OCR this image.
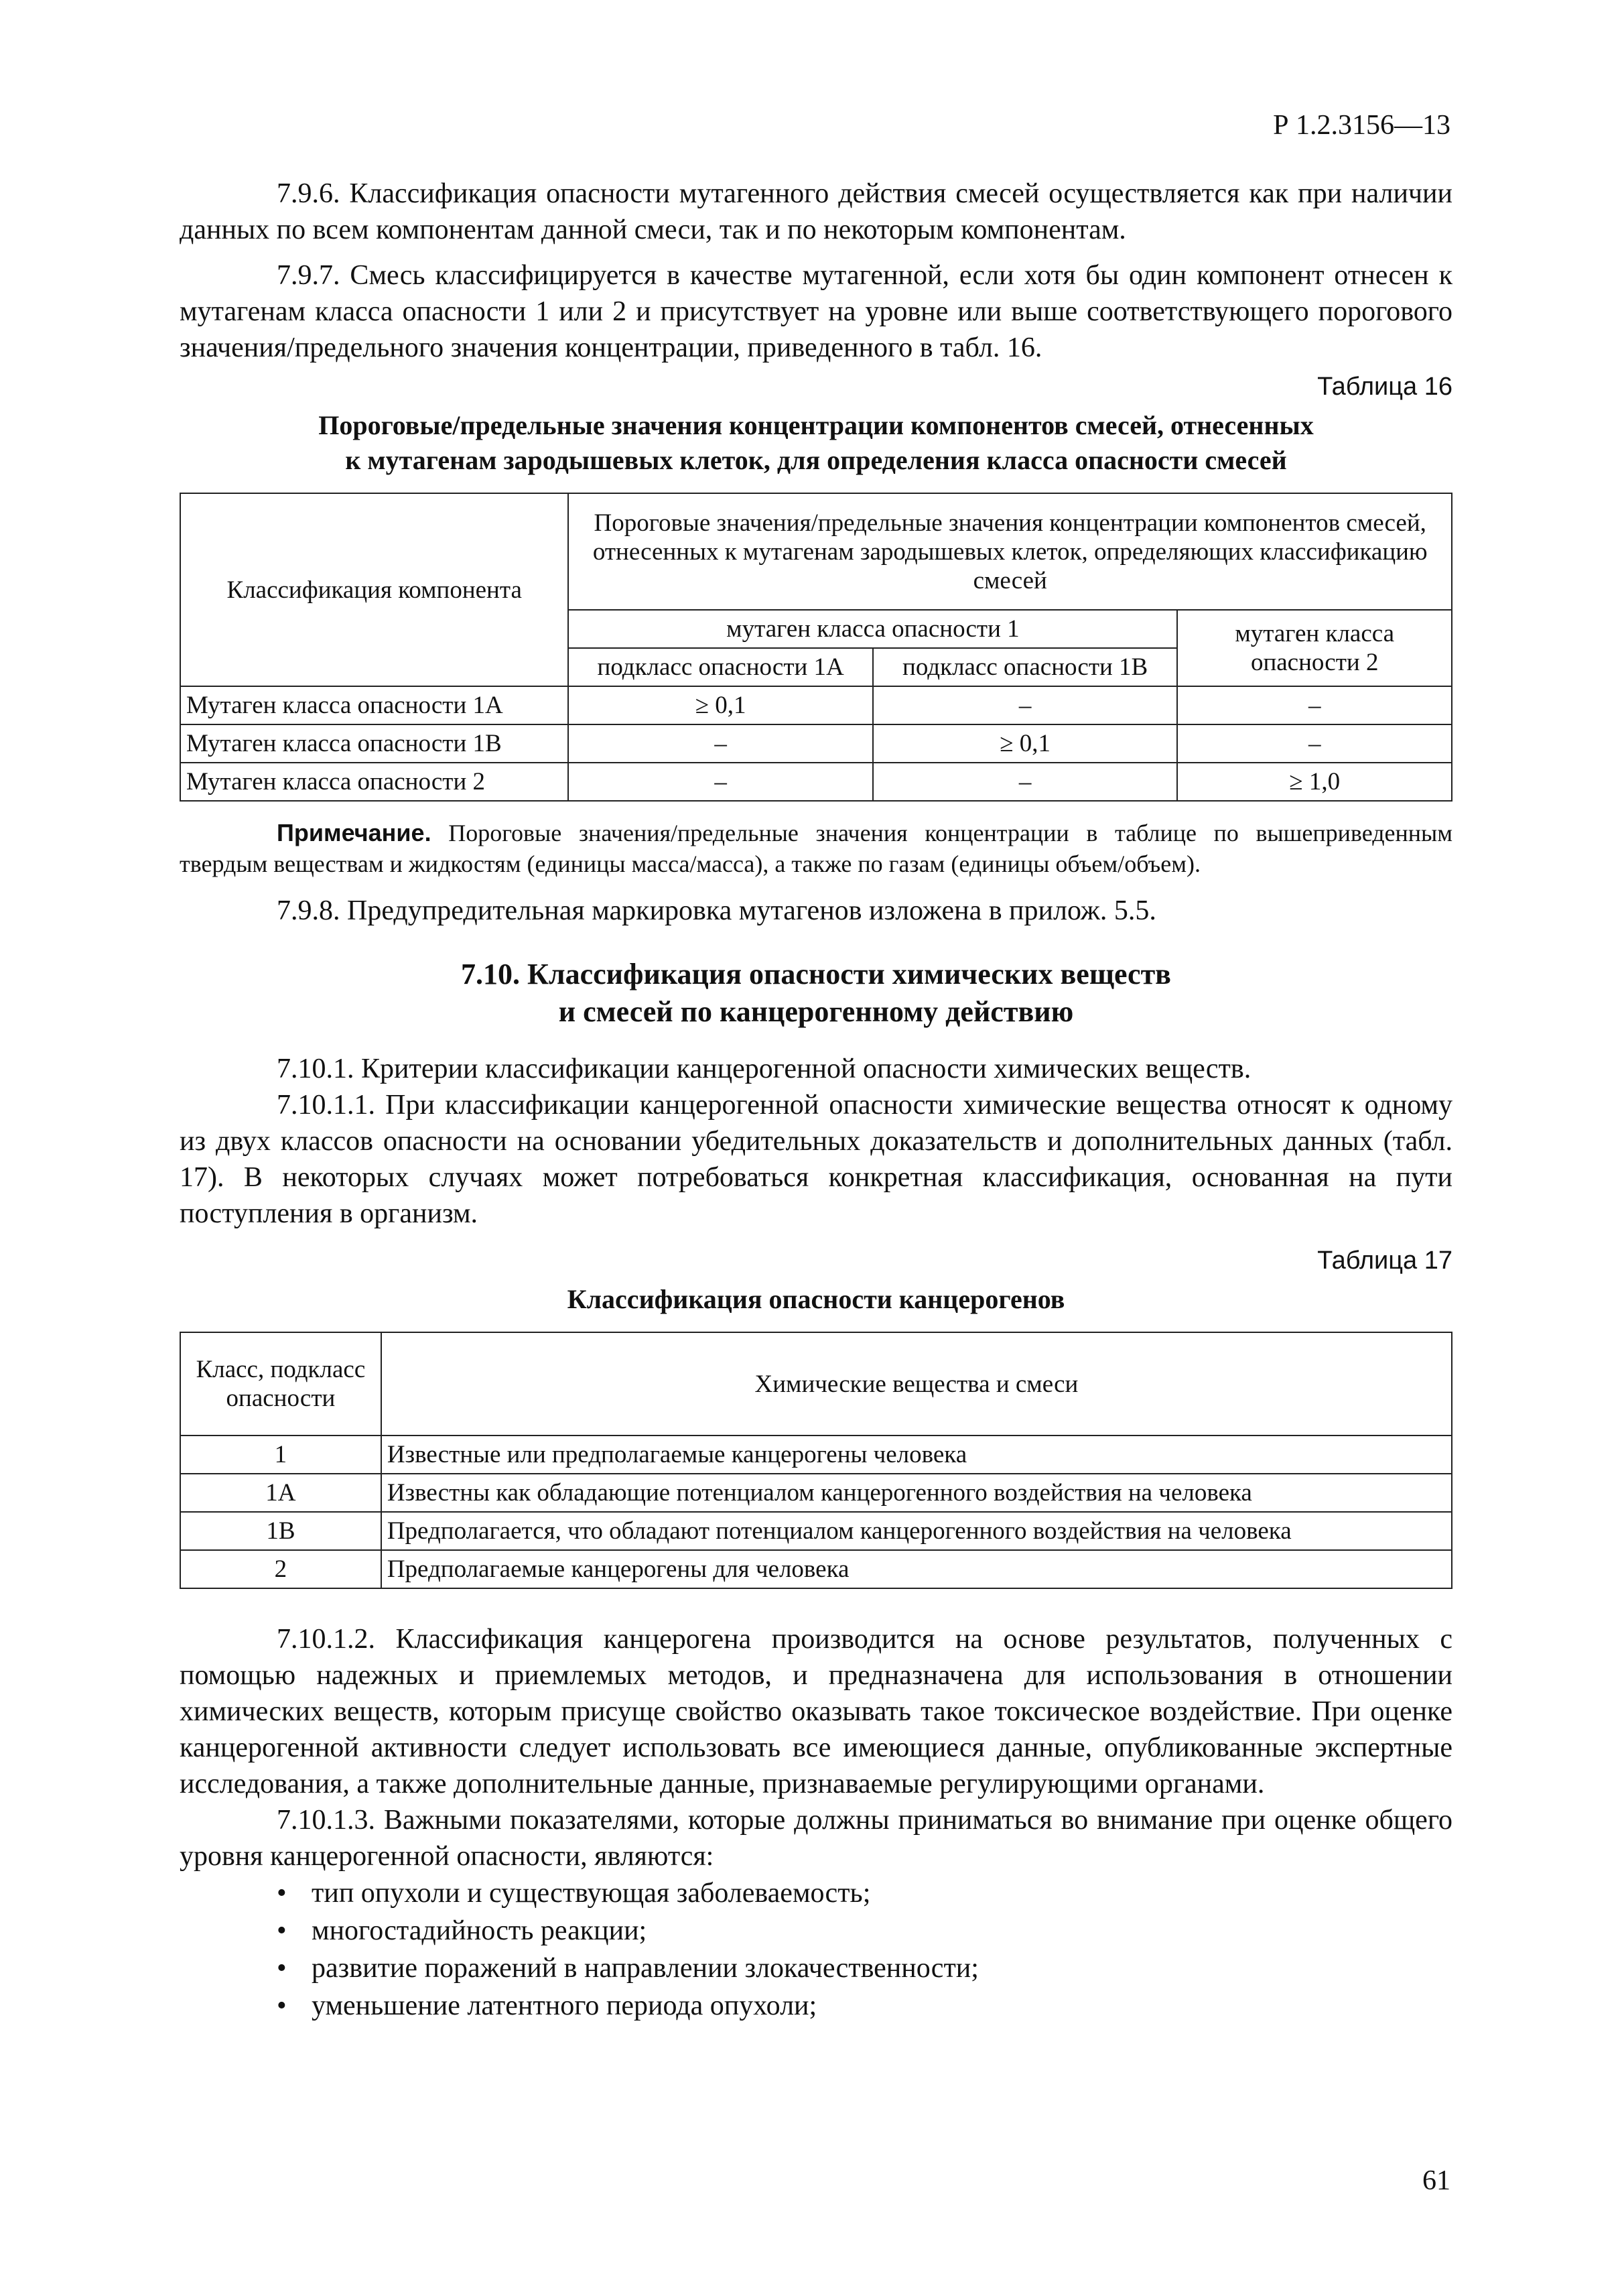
Р 1.2.3156—13

7.9.6. Классификация опасности мутагенного действия смесей осуществляется как при наличии данных по всем компонентам данной смеси, так и по некоторым компонентам.

7.9.7. Смесь классифицируется в качестве мутагенной, если хотя бы один компонент отнесен к мутагенам класса опасности 1 или 2 и присутствует на уровне или выше соответствующего порогового значения/предельного значения концентрации, приведенного в табл. 16.

Таблица 16
Пороговые/предельные значения концентрации компонентов смесей, отнесенных
к мутагенам зародышевых клеток, для определения класса опасности смесей
Классификация компонента	Пороговые значения/предельные значения концентрации компонентов смесей, отнесенных к мутагенам зародышевых клеток, определяющих классификацию смесей		
	мутаген класса опасности 1		мутаген класса опасности 2
	подкласс опасности 1А	подкласс опасности 1В	
Мутаген класса опасности 1А	≥ 0,1	–	–
Мутаген класса опасности 1В	–	≥ 0,1	–
Мутаген класса опасности 2	–	–	≥ 1,0

Примечание. Пороговые значения/предельные значения концентрации в таблице по вышеприведенным твердым веществам и жидкостям (единицы масса/масса), а также по газам (единицы объем/объем).

7.9.8. Предупредительная маркировка мутагенов изложена в прилож. 5.5.

7.10. Классификация опасности химических веществ
и смесей по канцерогенному действию

7.10.1. Критерии классификации канцерогенной опасности химических веществ.

7.10.1.1. При классификации канцерогенной опасности химические вещества относят к одному из двух классов опасности на основании убедительных доказательств и дополнительных данных (табл. 17). В некоторых случаях может потребоваться конкретная классификация, основанная на пути поступления в организм.

Таблица 17
Классификация опасности канцерогенов
Класс, подкласс опасности	Химические вещества и смеси
1	Известные или предполагаемые канцерогены человека
1А	Известны как обладающие потенциалом канцерогенного воздействия на человека
1В	Предполагается, что обладают потенциалом канцерогенного воздействия на человека
2	Предполагаемые канцерогены для человека

7.10.1.2. Классификация канцерогена производится на основе результатов, полученных с помощью надежных и приемлемых методов, и предназначена для использования в отношении химических веществ, которым присуще свойство оказывать такое токсическое воздействие. При оценке канцерогенной активности следует использовать все имеющиеся данные, опубликованные экспертные исследования, а также дополнительные данные, признаваемые регулирующими органами.

7.10.1.3. Важными показателями, которые должны приниматься во внимание при оценке общего уровня канцерогенной опасности, являются:

• тип опухоли и существующая заболеваемость;
• многостадийность реакции;
• развитие поражений в направлении злокачественности;
• уменьшение латентного периода опухоли;
61
